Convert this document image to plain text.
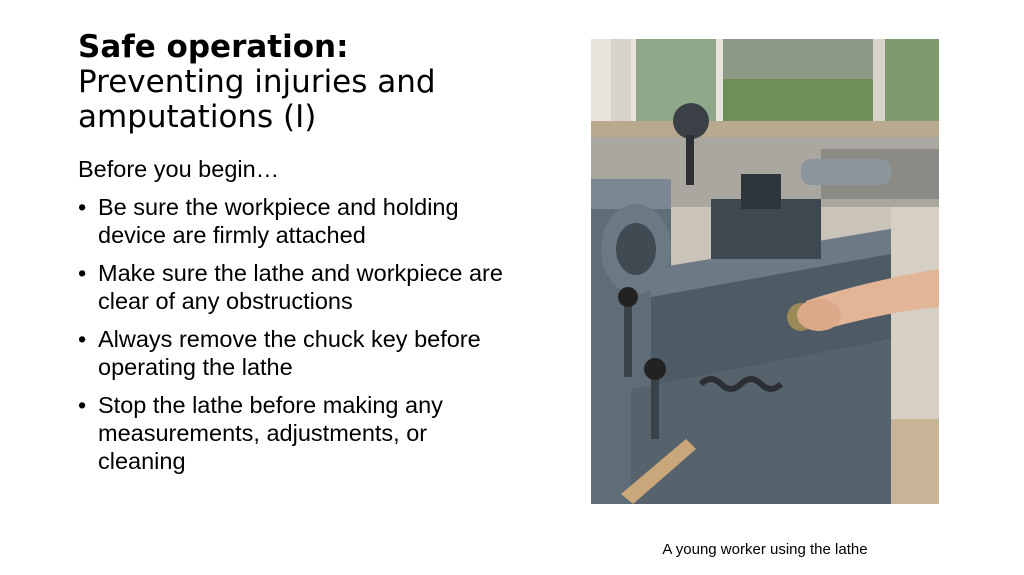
Safe operation:
Preventing injuries and amputations (I)

Before you begin…

• Be sure the workpiece and holding device are firmly attached
• Make sure the lathe and workpiece are clear of any obstructions
• Always remove the chuck key before operating the lathe
• Stop the lathe before making any measurements, adjustments, or cleaning
A young worker using the lathe
